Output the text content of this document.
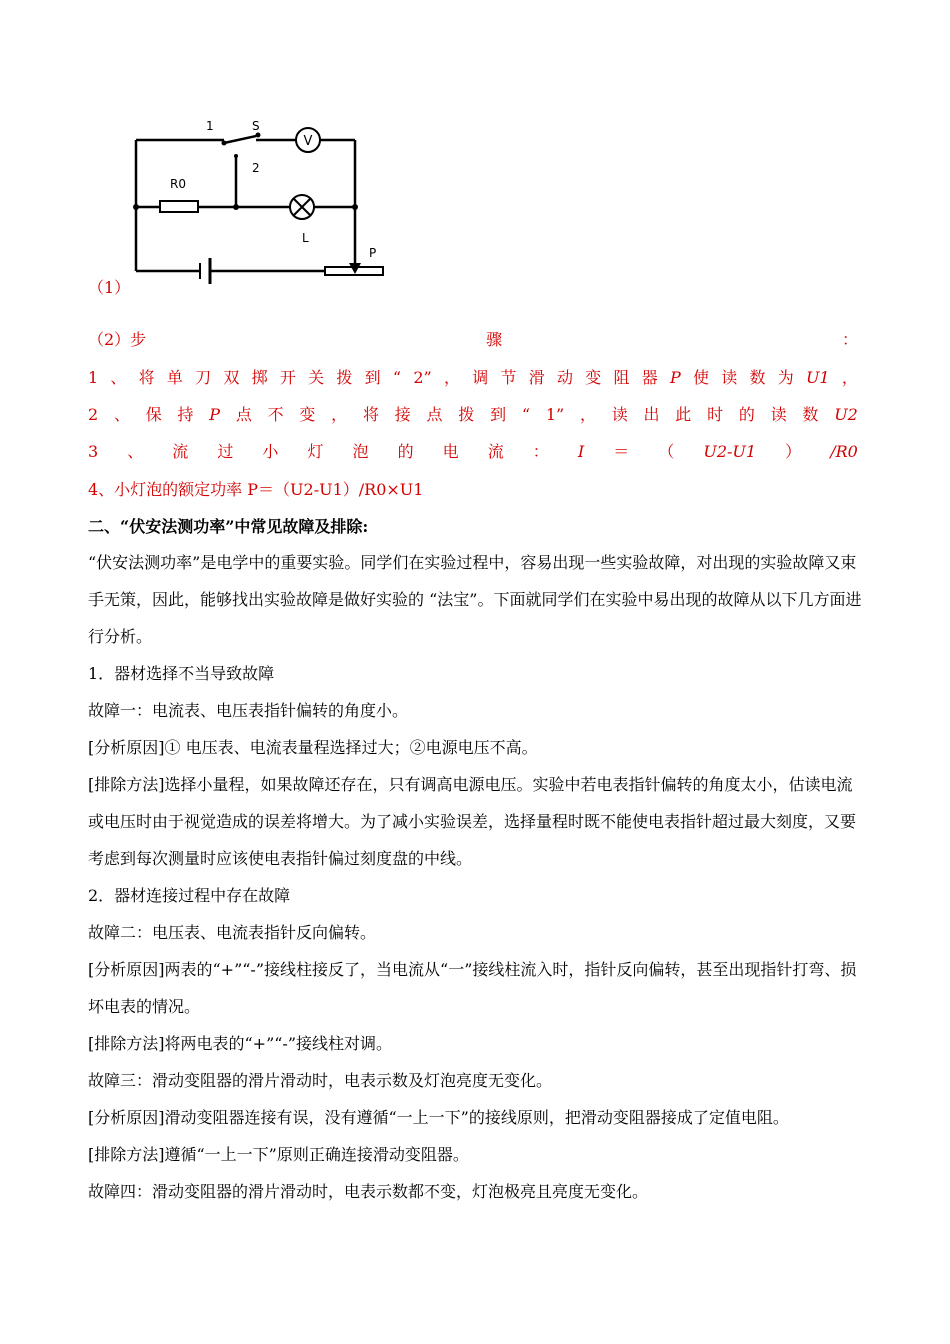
V
1	S
2
R0
L
P
（1）
（2）步	骤	：
1 、 将 单 刀 双 掷 开 关 拨 到 “ 2” ， 调 节 滑 动 变 阻 器 P 使 读 数 为 U1 ，
2 、 保 持 P 点 不 变 ， 将 接 点 拨 到 “ 1” ， 读 出 此 时 的 读 数 U2
3 、 流 过 小 灯 泡 的 电 流 ： I ＝ （ U2-U1 ） /R0
4、小灯泡的额定功率 P＝（U2-U1）/R0×U1
二、“伏安法测功率”中常见故障及排除:

“伏安法测功率”是电学中的重要实验。同学们在实验过程中，容易出现一些实验故障，对出现的实验故障又束手无策，因此，能够找出实验故障是做好实验的 “法宝”。下面就同学们在实验中易出现的故障从以下几方面进行分析。

1．器材选择不当导致故障

故障一：电流表、电压表指针偏转的角度小。

[分析原因]① 电压表、电流表量程选择过大；②电源电压不高。

[排除方法]选择小量程，如果故障还存在，只有调高电源电压。实验中若电表指针偏转的角度太小，估读电流或电压时由于视觉造成的误差将增大。为了减小实验误差，选择量程时既不能使电表指针超过最大刻度，又要考虑到每次测量时应该使电表指针偏过刻度盘的中线。

2．器材连接过程中存在故障

故障二：电压表、电流表指针反向偏转。

[分析原因]两表的“+”“-”接线柱接反了，当电流从“一”接线柱流入时，指针反向偏转，甚至出现指针打弯、损坏电表的情况。

[排除方法]将两电表的“+”“-”接线柱对调。

故障三：滑动变阻器的滑片滑动时，电表示数及灯泡亮度无变化。

[分析原因]滑动变阻器连接有误，没有遵循“一上一下”的接线原则，把滑动变阻器接成了定值电阻。

[排除方法]遵循“一上一下”原则正确连接滑动变阻器。

故障四：滑动变阻器的滑片滑动时，电表示数都不变，灯泡极亮且亮度无变化。
